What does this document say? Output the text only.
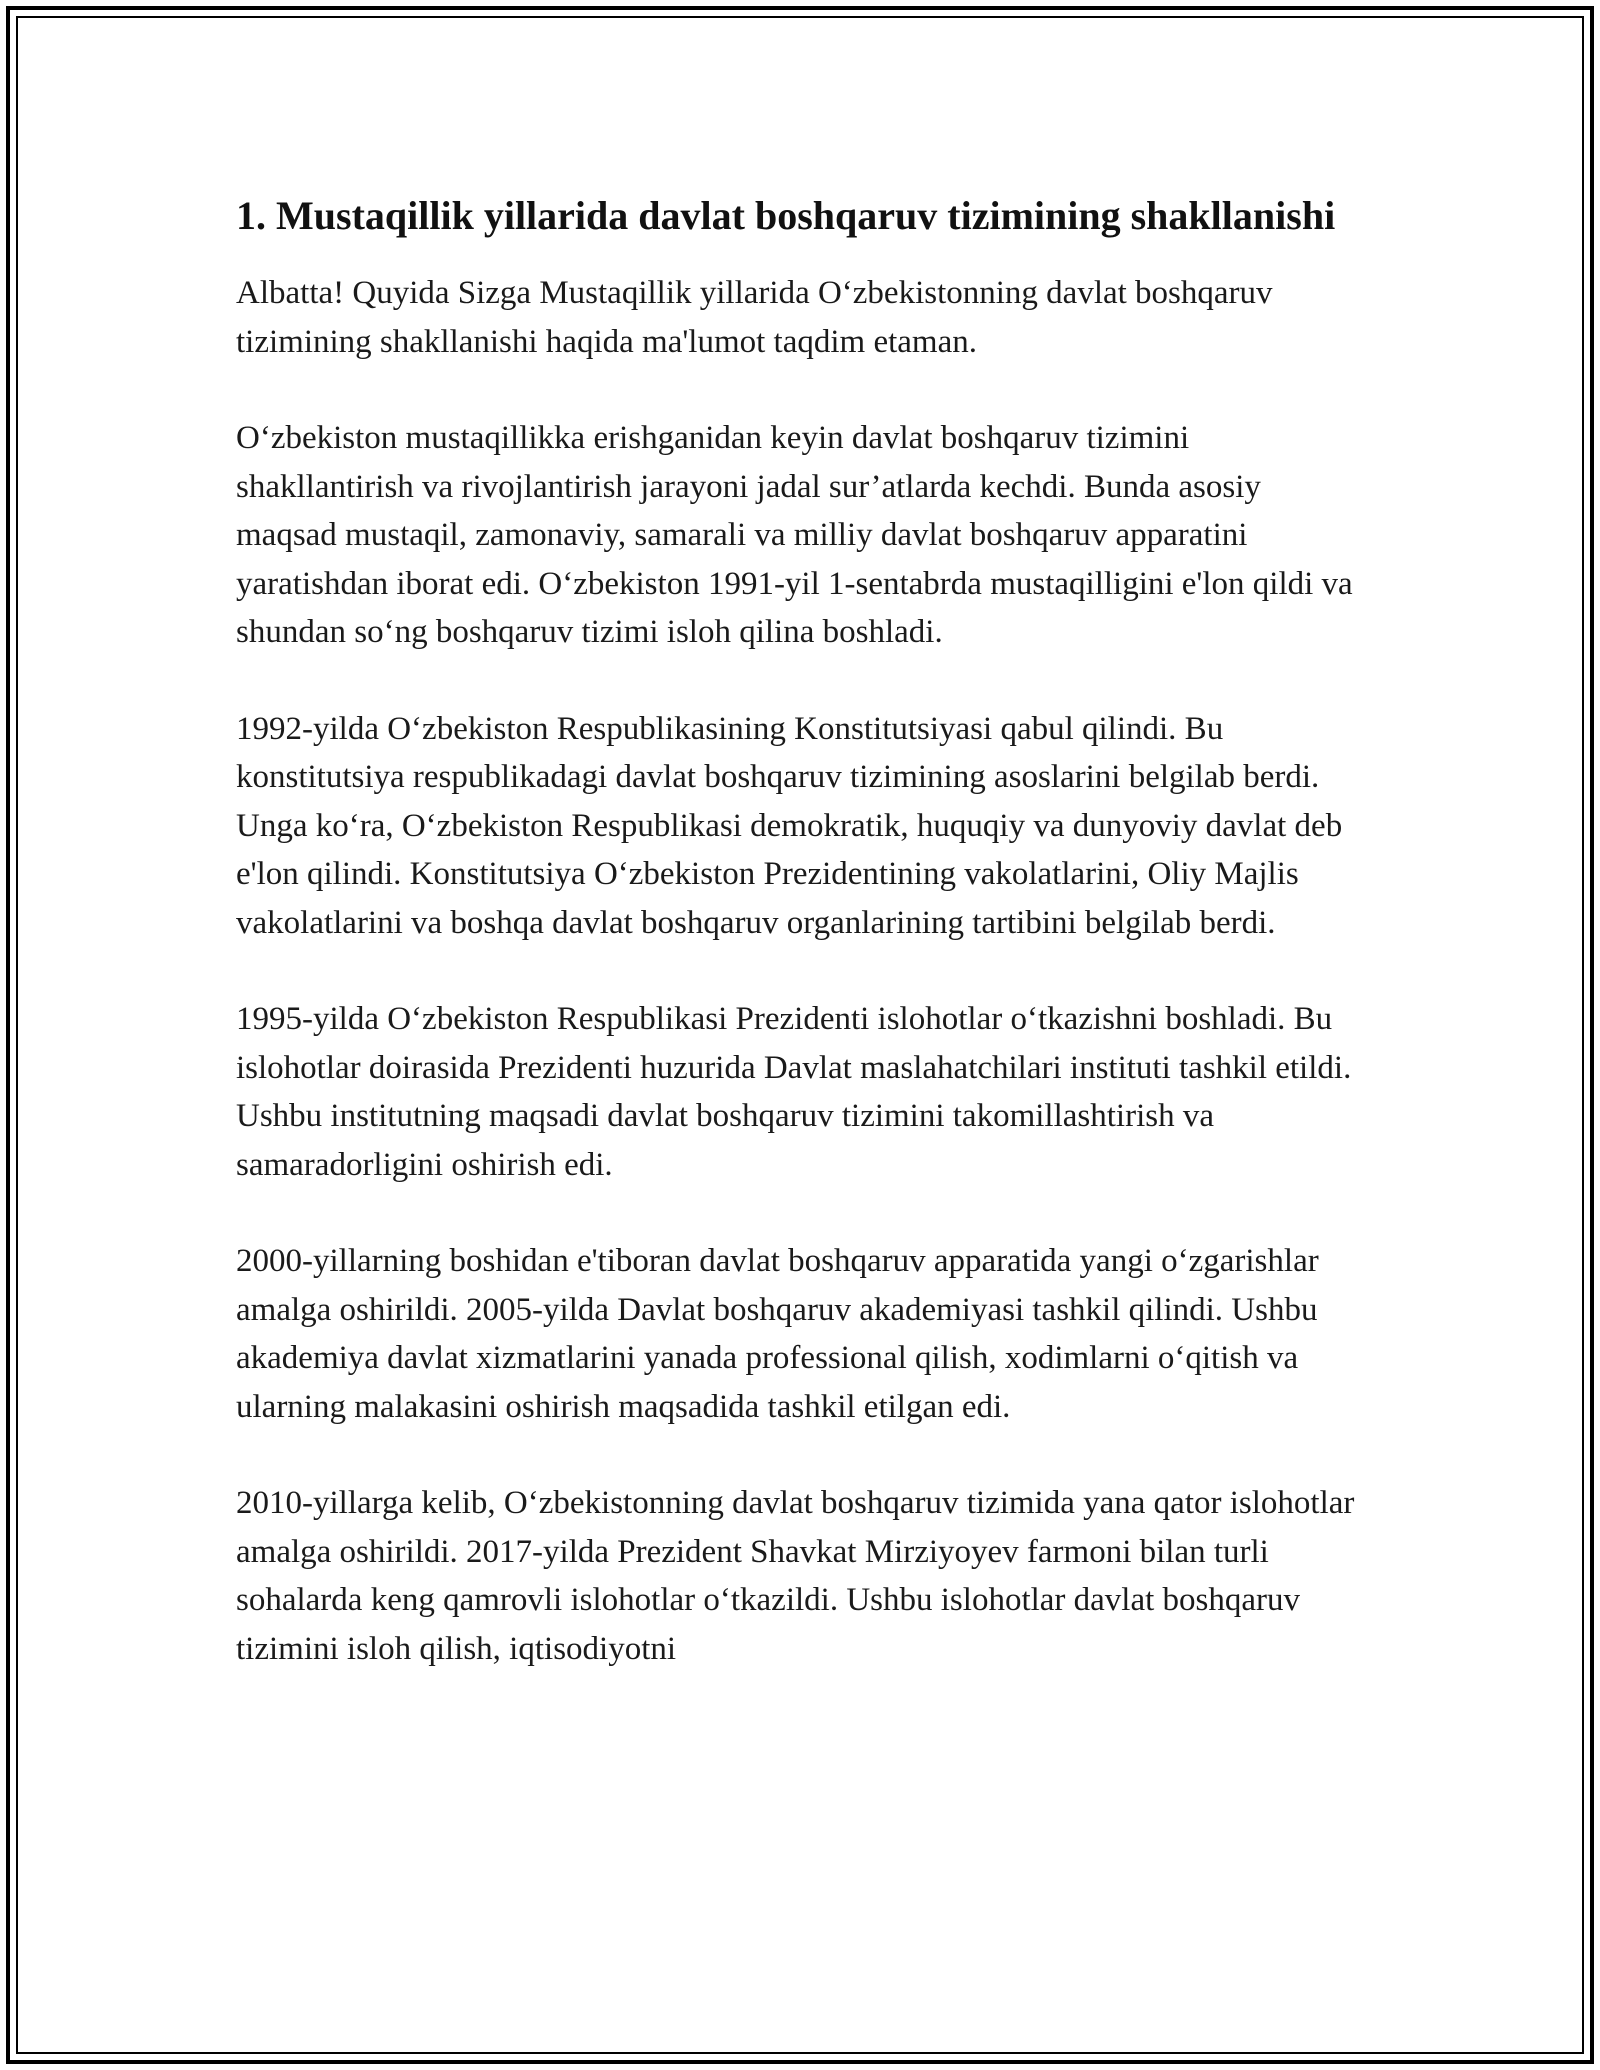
1. Mustaqillik yillarida davlat boshqaruv tizimining shakllanishi

Albatta! Quyida Sizga Mustaqillik yillarida O‘zbekistonning davlat boshqaruv tizimining shakllanishi haqida ma'lumot taqdim etaman.

O‘zbekiston mustaqillikka erishganidan keyin davlat boshqaruv tizimini shakllantirish va rivojlantirish jarayoni jadal sur’atlarda kechdi. Bunda asosiy maqsad mustaqil, zamonaviy, samarali va milliy davlat boshqaruv apparatini yaratishdan iborat edi. O‘zbekiston 1991-yil 1-sentabrda mustaqilligini e'lon qildi va shundan so‘ng boshqaruv tizimi isloh qilina boshladi.

1992-yilda O‘zbekiston Respublikasining Konstitutsiyasi qabul qilindi. Bu konstitutsiya respublikadagi davlat boshqaruv tizimining asoslarini belgilab berdi. Unga ko‘ra, O‘zbekiston Respublikasi demokratik, huquqiy va dunyoviy davlat deb e'lon qilindi. Konstitutsiya O‘zbekiston Prezidentining vakolatlarini, Oliy Majlis vakolatlarini va boshqa davlat boshqaruv organlarining tartibini belgilab berdi.

1995-yilda O‘zbekiston Respublikasi Prezidenti islohotlar o‘tkazishni boshladi. Bu islohotlar doirasida Prezidenti huzurida Davlat maslahatchilari instituti tashkil etildi. Ushbu institutning maqsadi davlat boshqaruv tizimini takomillashtirish va samaradorligini oshirish edi.

2000-yillarning boshidan e'tiboran davlat boshqaruv apparatida yangi o‘zgarishlar amalga oshirildi. 2005-yilda Davlat boshqaruv akademiyasi tashkil qilindi. Ushbu akademiya davlat xizmatlarini yanada professional qilish, xodimlarni o‘qitish va ularning malakasini oshirish maqsadida tashkil etilgan edi.

2010-yillarga kelib, O‘zbekistonning davlat boshqaruv tizimida yana qator islohotlar amalga oshirildi. 2017-yilda Prezident Shavkat Mirziyoyev farmoni bilan turli sohalarda keng qamrovli islohotlar o‘tkazildi. Ushbu islohotlar davlat boshqaruv tizimini isloh qilish, iqtisodiyotni
